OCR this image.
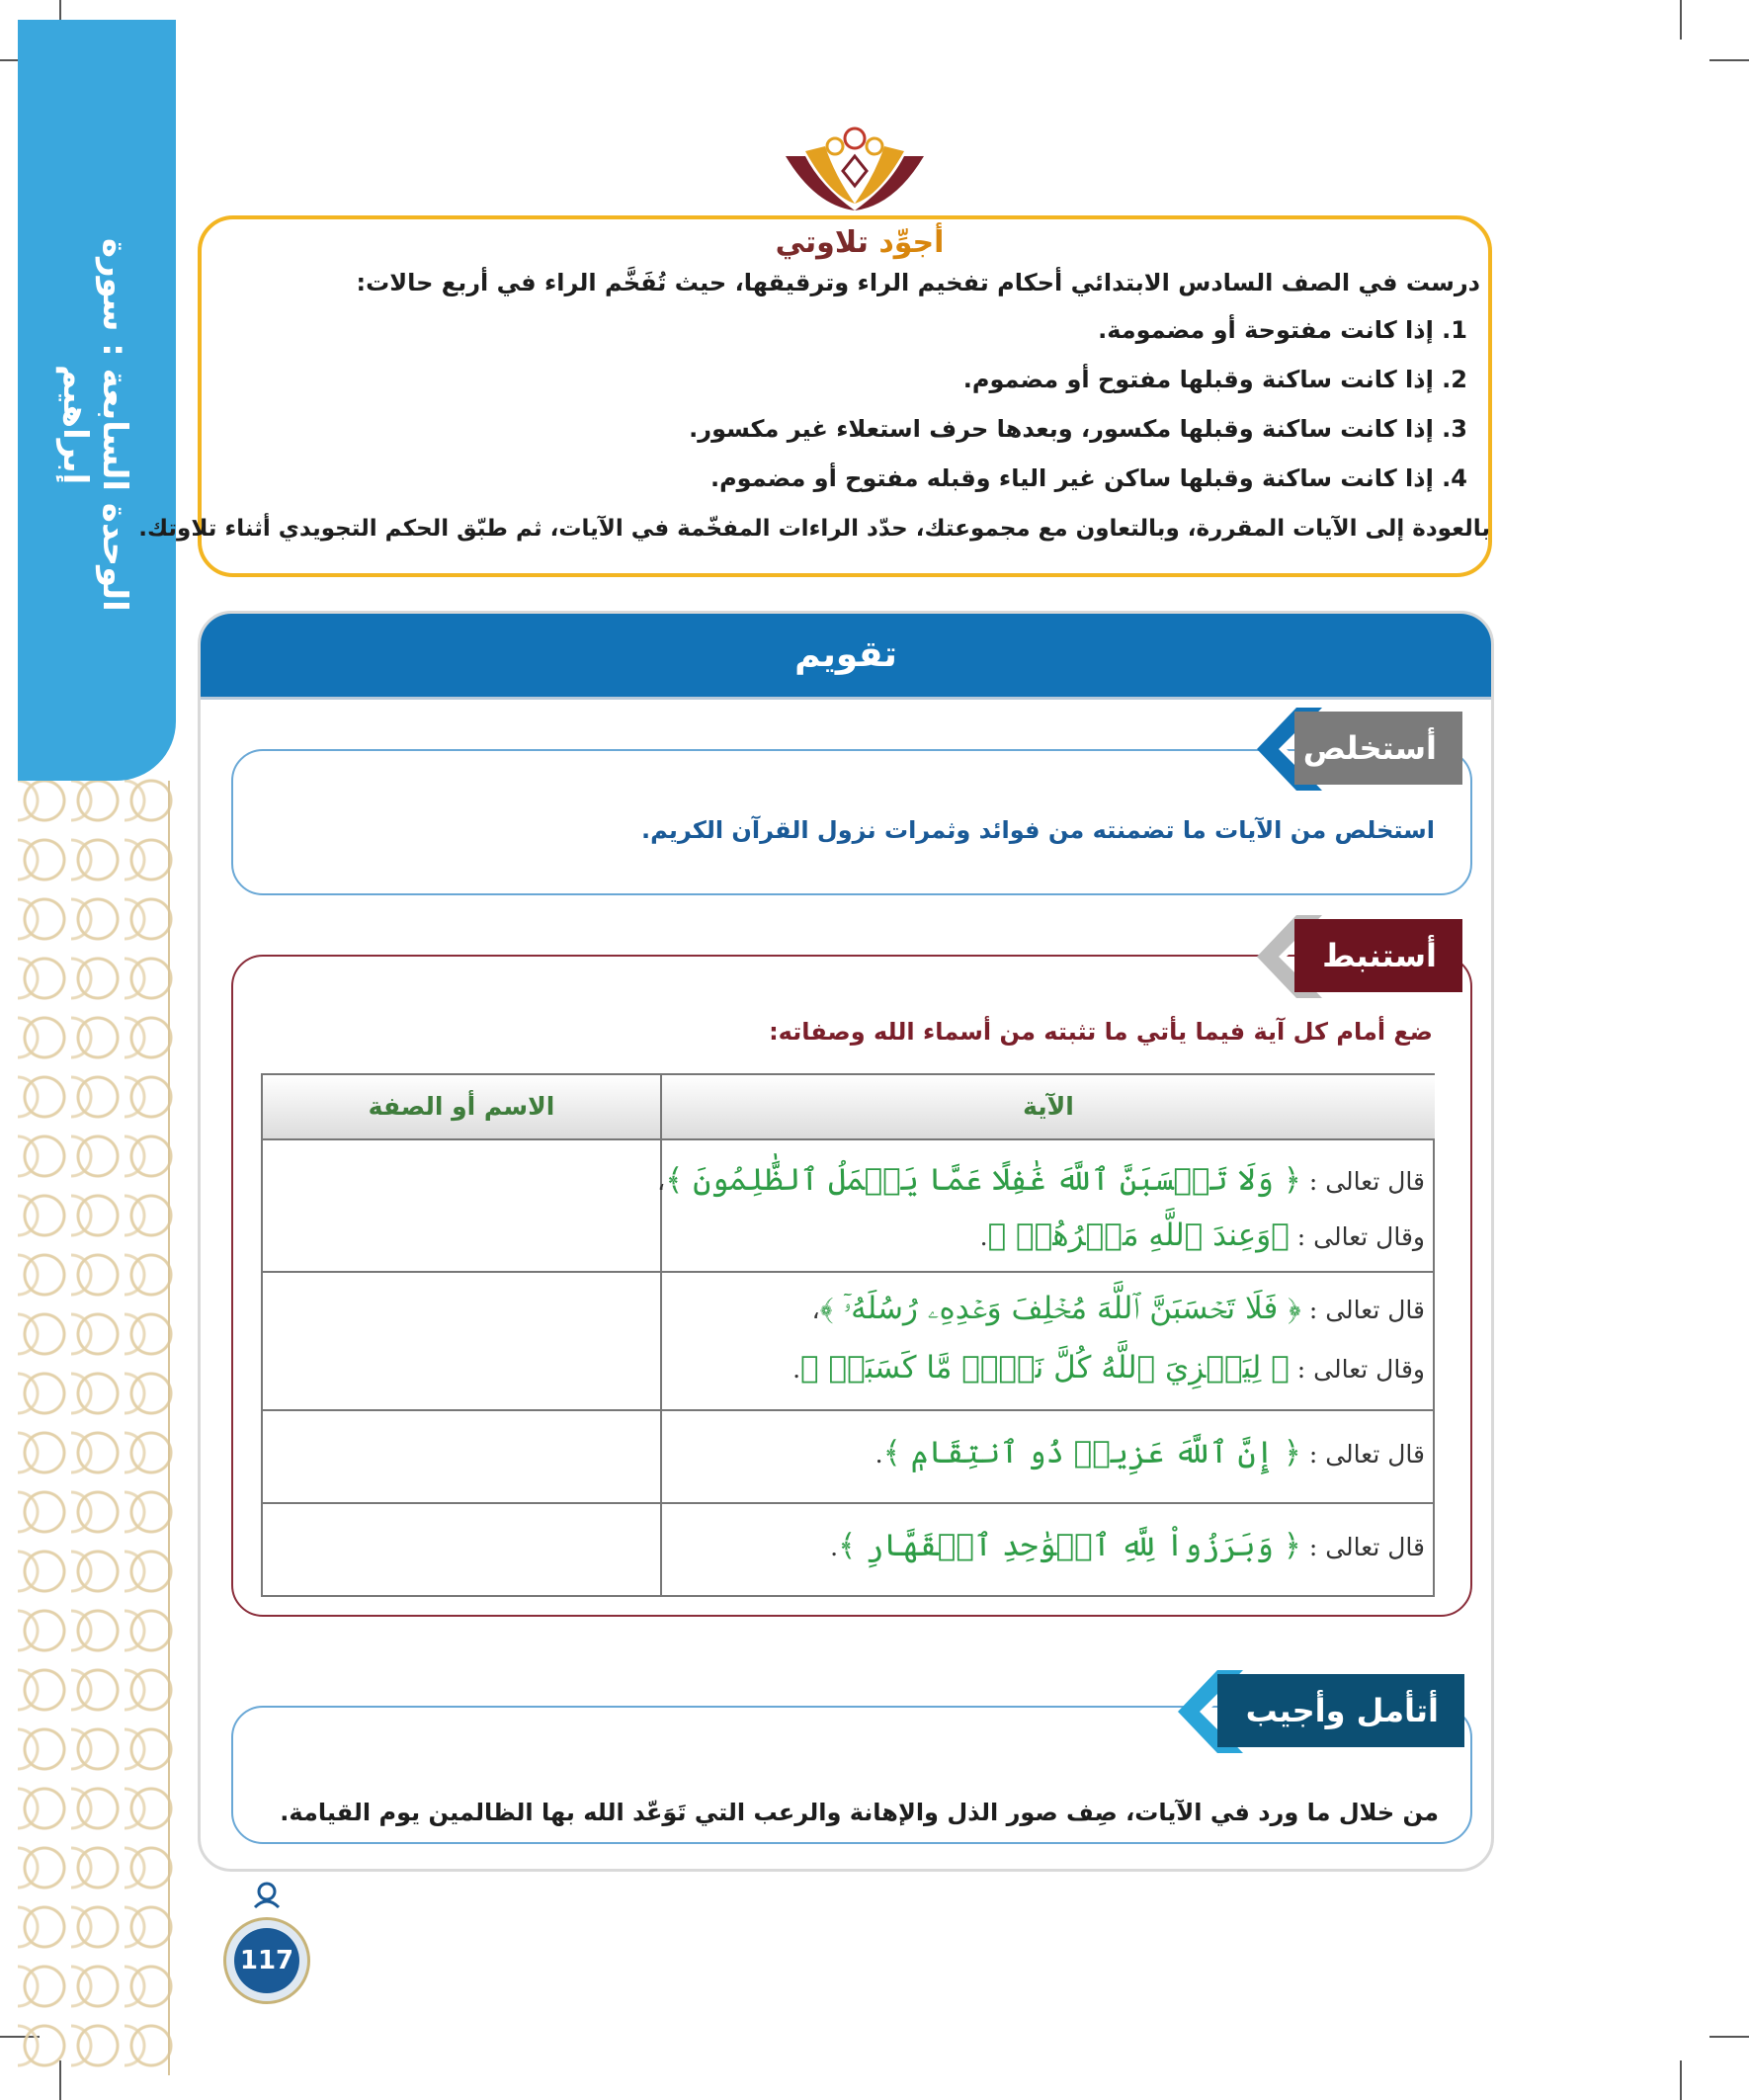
الوحدة السابعة : سورة إبراهيم
أجوِّد تلاوتي
درست في الصف السادس الابتدائي أحكام تفخيم الراء وترقيقها، حيث تُفَخَّم الراء في أربع حالات:
1. إذا كانت مفتوحة أو مضمومة.
2. إذا كانت ساكنة وقبلها مفتوح أو مضموم.
3. إذا كانت ساكنة وقبلها مكسور، وبعدها حرف استعلاء غير مكسور.
4. إذا كانت ساكنة وقبلها ساكن غير الياء وقبله مفتوح أو مضموم.
بالعودة إلى الآيات المقررة، وبالتعاون مع مجموعتك، حدّد الراءات المفخّمة في الآيات، ثم طبّق الحكم التجويدي أثناء تلاوتك.
تقويم
أستخلص
استخلص من الآيات ما تضمنته من فوائد وثمرات نزول القرآن الكريم.
أستنبط
ضع أمام كل آية فيما يأتي ما تثبته من أسماء الله وصفاته:
الآية
الاسم أو الصفة
قال تعالى : ﴿ وَلَا تَحۡسَبَنَّ ٱللَّهَ غَٰفِلًا عَمَّا يَعۡمَلُ ٱلظَّٰلِمُونَ ﴾،
وقال تعالى : ﴿وَعِندَ ٱللَّهِ مَكۡرُهُمۡ ﴾.
قال تعالى : ﴿ فَلَا تَحۡسَبَنَّ ٱللَّهَ مُخۡلِفَ وَعۡدِهِۦ رُسُلَهُۥٓ ﴾،
وقال تعالى : ﴿ لِيَجۡزِيَ ٱللَّهُ كُلَّ نَفۡسٖ مَّا كَسَبَتۡ ﴾.
قال تعالى : ﴿ إِنَّ ٱللَّهَ عَزِيزٞ ذُو ٱنتِقَامٖ ﴾.
قال تعالى : ﴿ وَبَرَزُواْ لِلَّهِ ٱلۡوَٰحِدِ ٱلۡقَهَّارِ ﴾.
أتأمل وأجيب
من خلال ما ورد في الآيات، صِف صور الذل والإهانة والرعب التي تَوَعّد الله بها الظالمين يوم القيامة.
117
